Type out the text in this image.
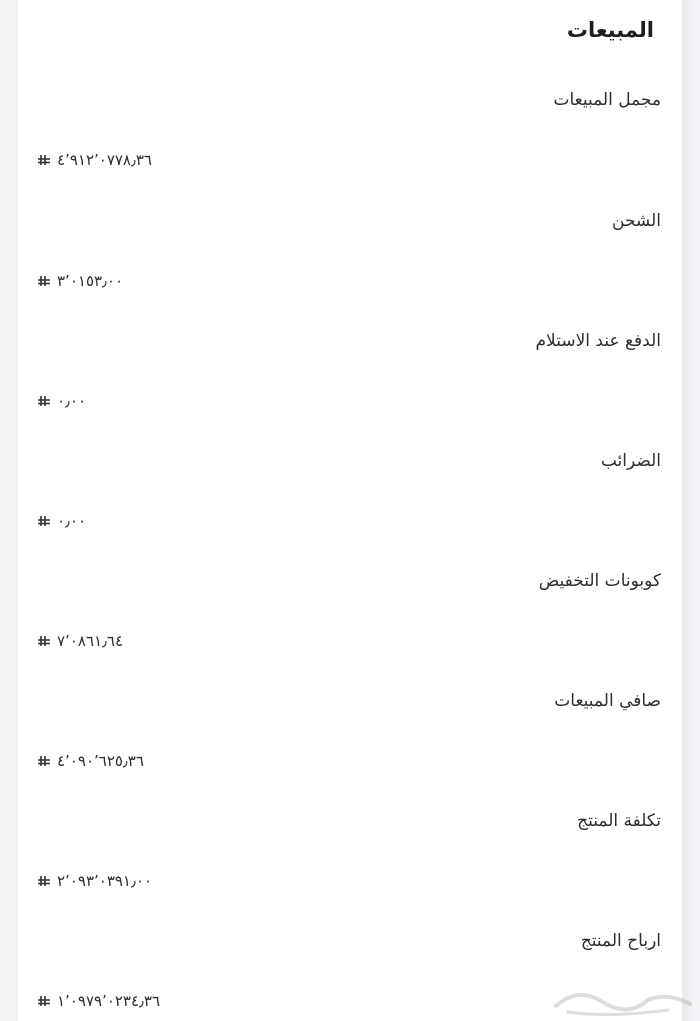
المبيعات
مجمل المبيعات
٤٬٩١٢٬٠٧٧٨٫٣٦
الشحن
٣٬٠١٥٣٫٠٠
الدفع عند الاستلام
٠٫٠٠
الضرائب
٠٫٠٠
كوبونات التخفيض
٧٬٠٨٦١٫٦٤
صافي المبيعات
٤٬٠٩٠٬٦٢٥٫٣٦
تكلفة المنتج
٢٬٠٩٣٬٠٣٩١٫٠٠
ارباح المنتج
١٬٠٩٧٩٬٠٢٣٤٫٣٦
